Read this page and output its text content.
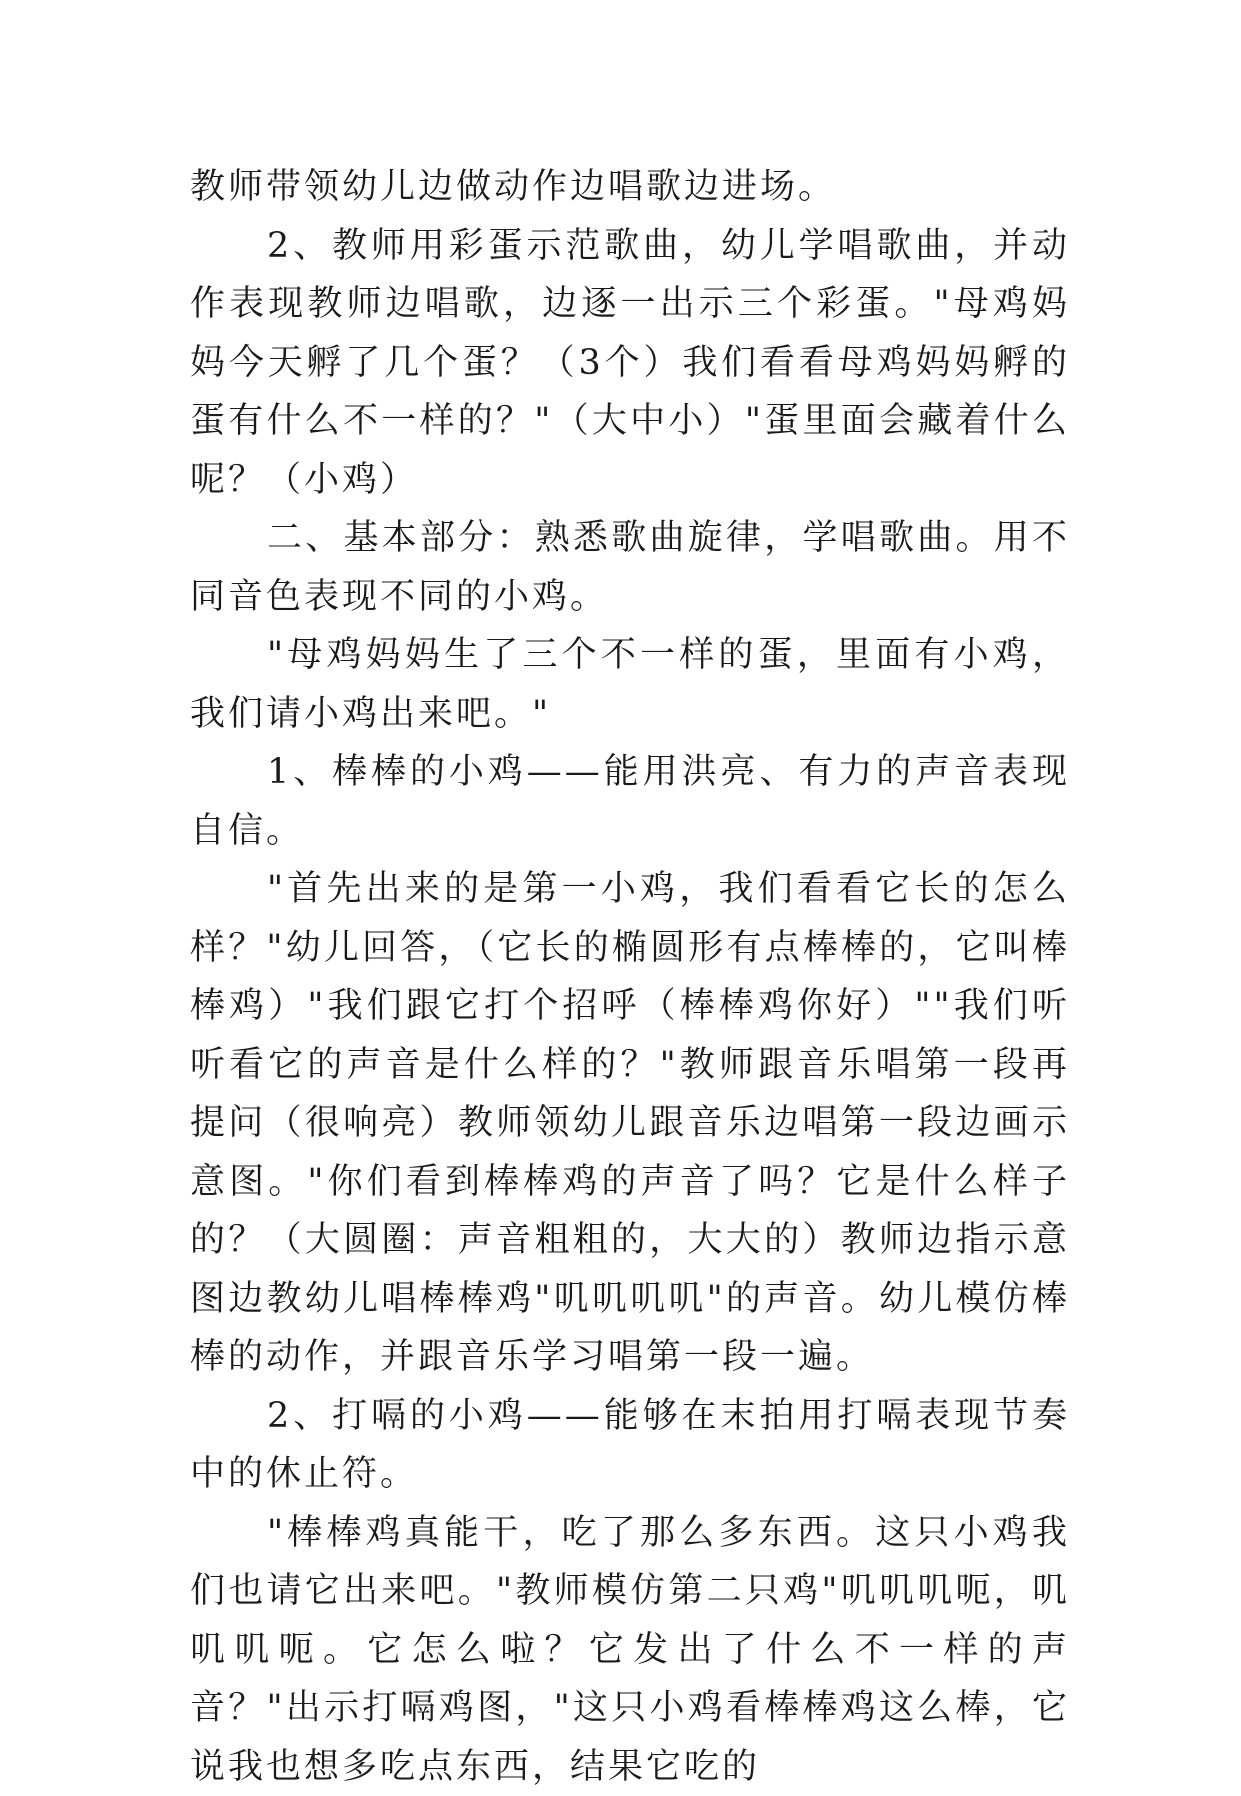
教师带领幼儿边做动作边唱歌边进场。

2、教师用彩蛋示范歌曲，幼儿学唱歌曲，并动作表现教师边唱歌，边逐一出示三个彩蛋。"母鸡妈妈今天孵了几个蛋？（3个）我们看看母鸡妈妈孵的蛋有什么不一样的？"（大中小）"蛋里面会藏着什么呢？（小鸡）

二、基本部分：熟悉歌曲旋律，学唱歌曲。用不同音色表现不同的小鸡。

"母鸡妈妈生了三个不一样的蛋，里面有小鸡，我们请小鸡出来吧。"

1、棒棒的小鸡——能用洪亮、有力的声音表现自信。

"首先出来的是第一小鸡，我们看看它长的怎么样？"幼儿回答，（它长的椭圆形有点棒棒的，它叫棒棒鸡）"我们跟它打个招呼（棒棒鸡你好）""我们听听看它的声音是什么样的？"教师跟音乐唱第一段再提问（很响亮）教师领幼儿跟音乐边唱第一段边画示意图。"你们看到棒棒鸡的声音了吗？它是什么样子的？（大圆圈：声音粗粗的，大大的）教师边指示意图边教幼儿唱棒棒鸡"叽叽叽叽"的声音。幼儿模仿棒棒的动作，并跟音乐学习唱第一段一遍。

2、打嗝的小鸡——能够在末拍用打嗝表现节奏中的休止符。

"棒棒鸡真能干，吃了那么多东西。这只小鸡我们也请它出来吧。"教师模仿第二只鸡"叽叽叽呃，叽叽叽呃。它怎么啦？它发出了什么不一样的声音？"出示打嗝鸡图，"这只小鸡看棒棒鸡这么棒，它说我也想多吃点东西，结果它吃的
